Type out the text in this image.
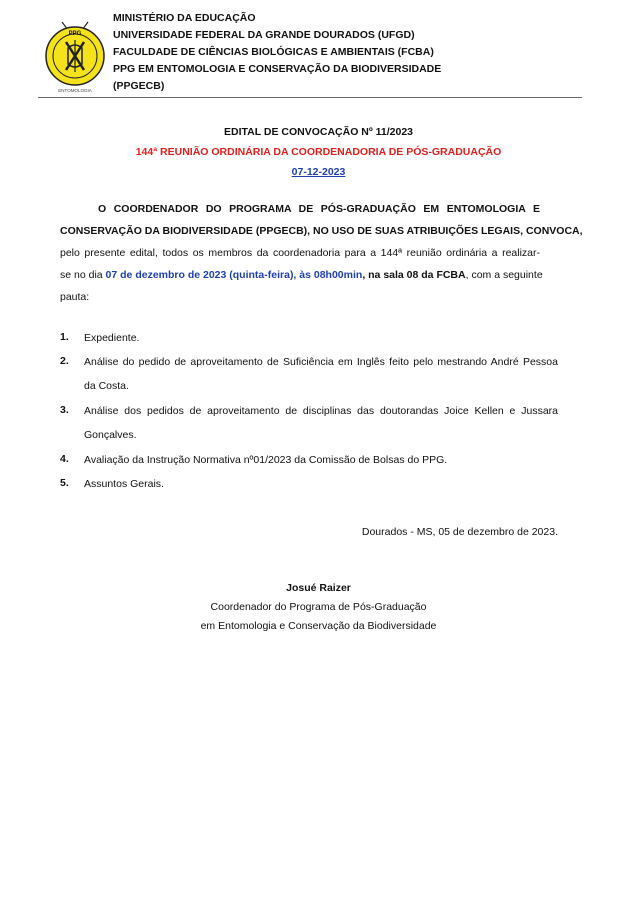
PPG
ENTOMOLOGIA
MINISTÉRIO DA EDUCAÇÃO
UNIVERSIDADE FEDERAL DA GRANDE DOURADOS (UFGD)
FACULDADE DE CIÊNCIAS BIOLÓGICAS E AMBIENTAIS (FCBA)
PPG EM ENTOMOLOGIA E CONSERVAÇÃO DA BIODIVERSIDADE
(PPGECB)
EDITAL DE CONVOCAÇÃO Nº 11/2023
144ª REUNIÃO ORDINÁRIA DA COORDENADORIA DE PÓS-GRADUAÇÃO
07-12-2023
O COORDENADOR DO PROGRAMA DE PÓS-GRADUAÇÃO EM ENTOMOLOGIA E
CONSERVAÇÃO DA BIODIVERSIDADE (PPGECB), NO USO DE SUAS ATRIBUIÇÕES LEGAIS, CONVOCA,
pelo presente edital, todos os membros da coordenadoria para a 144ª reunião ordinária a realizar-
se no dia 07 de dezembro de 2023 (quinta-feira), às 08h00min, na sala 08 da FCBA, com a seguinte
pauta:
1. Expediente.
2. Análise do pedido de aproveitamento de Suficiência em Inglês feito pelo mestrando André Pessoa
da Costa.
3. Análise dos pedidos de aproveitamento de disciplinas das doutorandas Joice Kellen e Jussara
Gonçalves.
4. Avaliação da Instrução Normativa nº01/2023 da Comissão de Bolsas do PPG.
5. Assuntos Gerais.
Dourados - MS, 05 de dezembro de 2023.
Josué Raizer
Coordenador do Programa de Pós-Graduação
em Entomologia e Conservação da Biodiversidade
